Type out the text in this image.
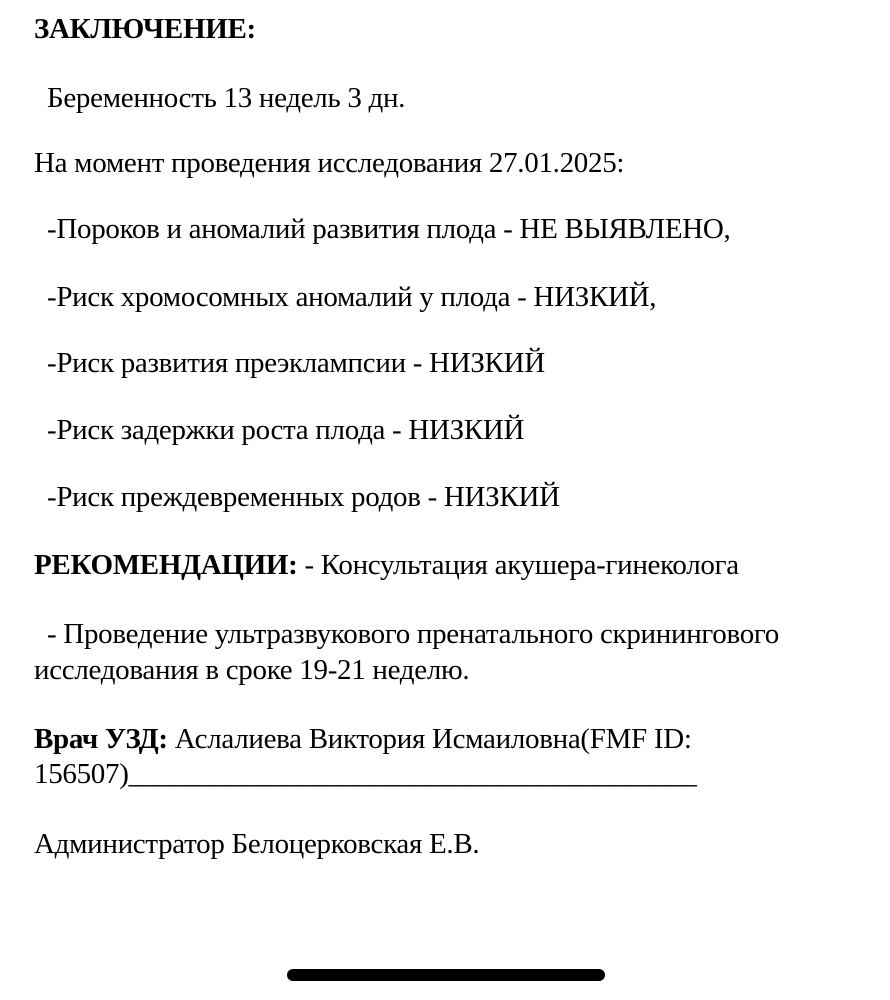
ЗАКЛЮЧЕНИЕ:
Беременность 13 недель 3 дн.
На момент проведения исследования 27.01.2025:
-Пороков и аномалий развития плода - НЕ ВЫЯВЛЕНО,
-Риск хромосомных аномалий у плода - НИЗКИЙ,
-Риск развития преэклампсии - НИЗКИЙ
-Риск задержки роста плода - НИЗКИЙ
-Риск преждевременных родов - НИЗКИЙ
РЕКОМЕНДАЦИИ: - Консультация акушера-гинеколога
- Проведение ультразвукового пренатального скринингового
исследования в сроке 19-21 неделю.
Врач УЗД: Аслалиева Виктория Исмаиловна(FMF ID:
156507)________________________________________
Администратор Белоцерковская Е.В.
